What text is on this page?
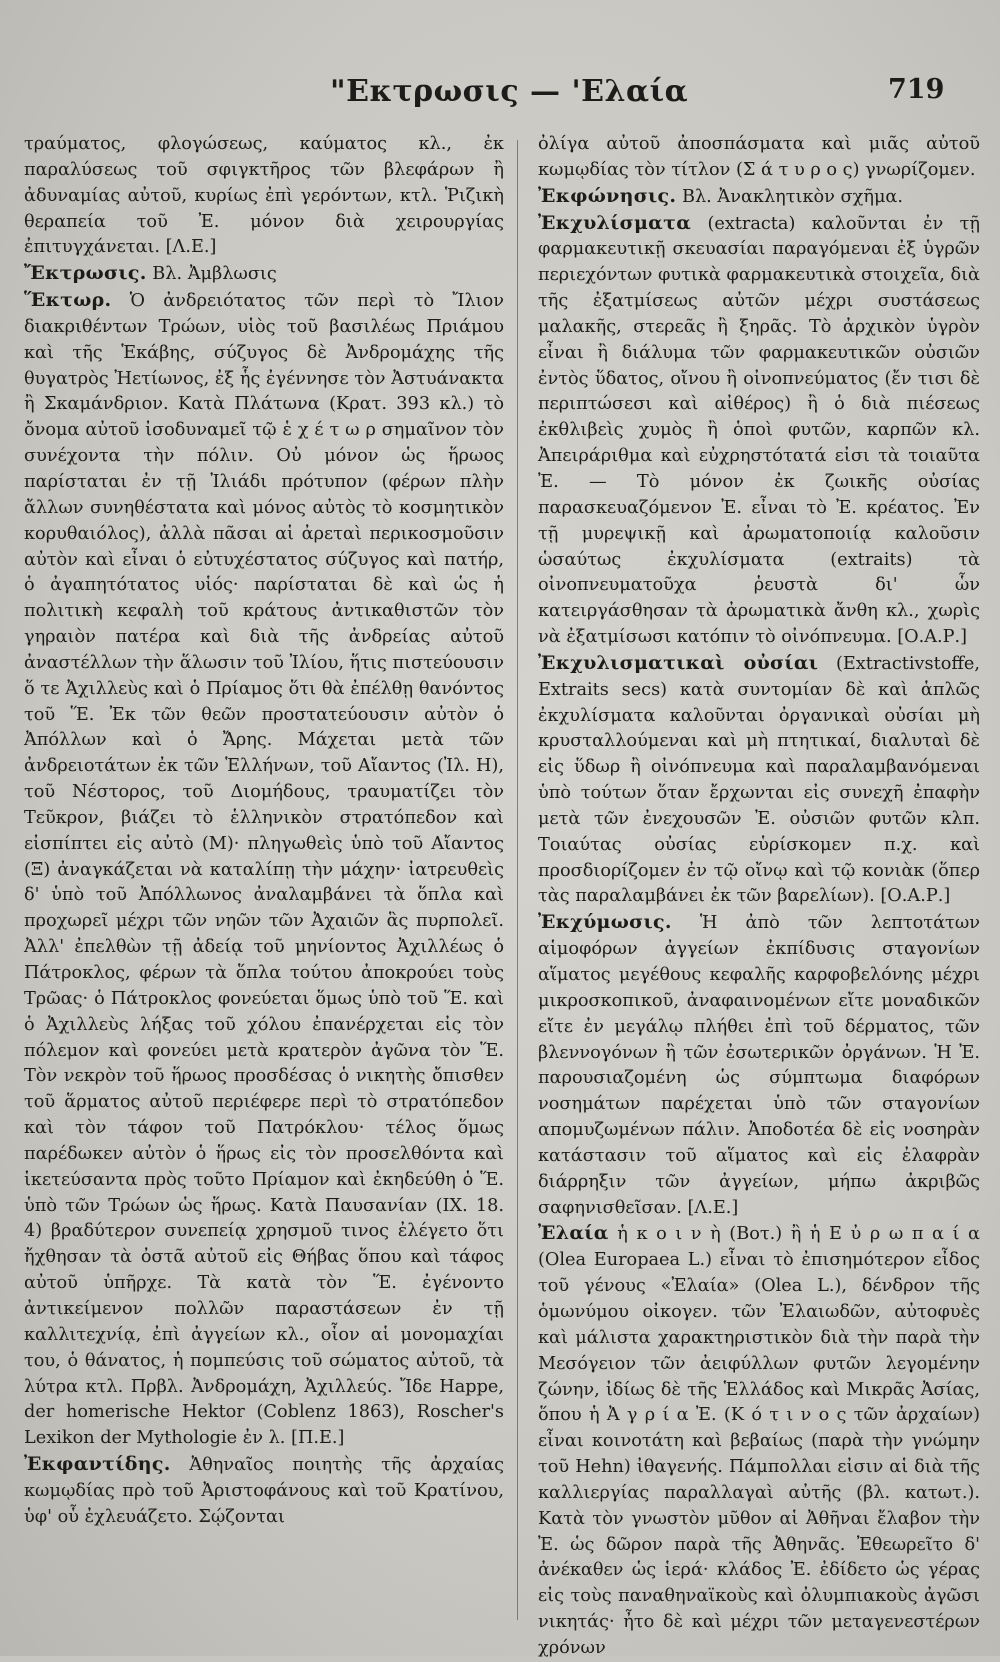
"Εκτρωσις — 'Ελαία	719

τραύματος, φλογώσεως, καύματος κλ., ἐκ παραλύσεως τοῦ σφιγκτῆρος τῶν βλεφάρων ἢ ἀδυναμίας αὐτοῦ, κυρίως ἐπὶ γερόντων, κτλ. Ῥιζικὴ θεραπεία τοῦ Ἐ. μόνον διὰ χειρουργίας ἐπιτυγχάνεται. [Λ.Ε.]

Ἔκτρωσις. Βλ. Ἀμβλωσις

Ἕκτωρ. Ὁ ἀνδρειότατος τῶν περὶ τὸ Ἴλιον διακριθέντων Τρώων, υἱὸς τοῦ βασιλέως Πριάμου καὶ τῆς Ἑκάβης, σύζυγος δὲ Ἀνδρομάχης τῆς θυγατρὸς Ἠετίωνος, ἐξ ἧς ἐγέννησε τὸν Ἀστυάνακτα ἢ Σκαμάνδριον. Κατὰ Πλάτωνα (Κρατ. 393 κλ.) τὸ ὄνομα αὐτοῦ ἰσοδυναμεῖ τῷ ἑ χ έ τ ω ρ σημαῖνον τὸν συνέχοντα τὴν πόλιν. Οὐ μόνον ὡς ἥρωος παρίσταται ἐν τῇ Ἰλιάδι πρότυπον (φέρων πλὴν ἄλλων συνηθέστατα καὶ μόνος αὐτὸς τὸ κοσμητικὸν κορυθαιόλος), ἀλλὰ πᾶσαι αἱ ἀρεταὶ περικοσμοῦσιν αὐτὸν καὶ εἶναι ὁ εὐτυχέστατος σύζυγος καὶ πατήρ, ὁ ἀγαπητότατος υἱός· παρίσταται δὲ καὶ ὡς ἡ πολιτικὴ κεφαλὴ τοῦ κράτους ἀντικαθιστῶν τὸν γηραιὸν πατέρα καὶ διὰ τῆς ἀνδρείας αὐτοῦ ἀναστέλλων τὴν ἅλωσιν τοῦ Ἰλίου, ἥτις πιστεύουσιν ὅ τε Ἀχιλλεὺς καὶ ὁ Πρίαμος ὅτι θὰ ἐπέλθῃ θανόντος τοῦ Ἕ. Ἐκ τῶν θεῶν προστατεύουσιν αὐτὸν ὁ Ἀπόλλων καὶ ὁ Ἄρης. Μάχεται μετὰ τῶν ἀνδρειοτάτων ἐκ τῶν Ἑλλήνων, τοῦ Αἴαντος (Ἰλ. Η), τοῦ Νέστορος, τοῦ Διομήδους, τραυματίζει τὸν Τεῦκρον, βιάζει τὸ ἑλληνικὸν στρατόπεδον καὶ εἰσπίπτει εἰς αὐτὸ (Μ)· πληγωθεὶς ὑπὸ τοῦ Αἴαντος (Ξ) ἀναγκάζεται νὰ καταλίπῃ τὴν μάχην· ἰατρευθεὶς δ' ὑπὸ τοῦ Ἀπόλλωνος ἀναλαμβάνει τὰ ὅπλα καὶ προχωρεῖ μέχρι τῶν νηῶν τῶν Ἀχαιῶν ἃς πυρπολεῖ. Ἀλλ' ἐπελθὼν τῇ ἀδείᾳ τοῦ μηνίοντος Ἀχιλλέως ὁ Πάτροκλος, φέρων τὰ ὅπλα τούτου ἀποκρούει τοὺς Τρῶας· ὁ Πάτροκλος φονεύεται ὅμως ὑπὸ τοῦ Ἕ. καὶ ὁ Ἀχιλλεὺς λήξας τοῦ χόλου ἐπανέρχεται εἰς τὸν πόλεμον καὶ φονεύει μετὰ κρατερὸν ἀγῶνα τὸν Ἕ. Τὸν νεκρὸν τοῦ ἥρωος προσδέσας ὁ νικητὴς ὄπισθεν τοῦ ἅρματος αὐτοῦ περιέφερε περὶ τὸ στρατόπεδον καὶ τὸν τάφον τοῦ Πατρόκλου· τέλος ὅμως παρέδωκεν αὐτὸν ὁ ἥρως εἰς τὸν προσελθόντα καὶ ἱκετεύσαντα πρὸς τοῦτο Πρίαμον καὶ ἐκηδεύθη ὁ Ἕ. ὑπὸ τῶν Τρώων ὡς ἥρως. Κατὰ Παυσανίαν (IX. 18. 4) βραδύτερον συνεπείᾳ χρησμοῦ τινος ἐλέγετο ὅτι ἤχθησαν τὰ ὀστᾶ αὐτοῦ εἰς Θήβας ὅπου καὶ τάφος αὐτοῦ ὑπῆρχε. Τὰ κατὰ τὸν Ἕ. ἐγένοντο ἀντικείμενον πολλῶν παραστάσεων ἐν τῇ καλλιτεχνίᾳ, ἐπὶ ἀγγείων κλ., οἷον αἱ μονομαχίαι του, ὁ θάνατος, ἡ πομπεύσις τοῦ σώματος αὐτοῦ, τὰ λύτρα κτλ. Πρβλ. Ἀνδρομάχη, Ἀχιλλεύς. Ἴδε Happe, der homerische Hektor (Coblenz 1863), Roscher's Lexikon der Mythologie ἐν λ. [Π.Ε.]

Ἐκφαντίδης. Ἀθηναῖος ποιητὴς τῆς ἀρχαίας κωμῳδίας πρὸ τοῦ Ἀριστοφάνους καὶ τοῦ Κρατίνου, ὑφ' οὗ ἐχλευάζετο. Σῴζονται

ὀλίγα αὐτοῦ ἀποσπάσματα καὶ μιᾶς αὐτοῦ κωμῳδίας τὸν τίτλον (Σ ά τ υ ρ ο ς) γνωρίζομεν.

Ἐκφώνησις. Βλ. Ἀνακλητικὸν σχῆμα.

Ἐκχυλίσματα (extracta) καλοῦνται ἐν τῇ φαρμακευτικῇ σκευασίαι παραγόμεναι ἐξ ὑγρῶν περιεχόντων φυτικὰ φαρμακευτικὰ στοιχεῖα, διὰ τῆς ἐξατμίσεως αὐτῶν μέχρι συστάσεως μαλακῆς, στερεᾶς ἢ ξηρᾶς. Τὸ ἀρχικὸν ὑγρὸν εἶναι ἢ διάλυμα τῶν φαρμακευτικῶν οὐσιῶν ἐντὸς ὕδατος, οἴνου ἢ οἰνοπνεύματος (ἔν τισι δὲ περιπτώσεσι καὶ αἰθέρος) ἢ ὁ διὰ πιέσεως ἐκθλιβεὶς χυμὸς ἢ ὁποὶ φυτῶν, καρπῶν κλ. Ἀπειράριθμα καὶ εὐχρηστότατά εἰσι τὰ τοιαῦτα Ἐ. — Τὸ μόνον ἐκ ζωικῆς οὐσίας παρασκευαζόμενον Ἐ. εἶναι τὸ Ἐ. κρέατος. Ἐν τῇ μυρεψικῇ καὶ ἀρωματοποιίᾳ καλοῦσιν ὡσαύτως ἐκχυλίσματα (extraits) τὰ οἰνοπνευματοῦχα ῥευστὰ δι' ὧν κατειργάσθησαν τὰ ἀρωματικὰ ἄνθη κλ., χωρὶς νὰ ἐξατμίσωσι κατόπιν τὸ οἰνόπνευμα. [Ο.Α.Ρ.]

Ἐκχυλισματικαὶ οὐσίαι (Extractivstoffe, Extraits secs) κατὰ συντομίαν δὲ καὶ ἁπλῶς ἐκχυλίσματα καλοῦνται ὀργανικαὶ οὐσίαι μὴ κρυσταλλούμεναι καὶ μὴ πτητικαί, διαλυταὶ δὲ εἰς ὕδωρ ἢ οἰνόπνευμα καὶ παραλαμβανόμεναι ὑπὸ τούτων ὅταν ἔρχωνται εἰς συνεχῆ ἐπαφὴν μετὰ τῶν ἐνεχουσῶν Ἐ. οὐσιῶν φυτῶν κλπ. Τοιαύτας οὐσίας εὑρίσκομεν π.χ. καὶ προσδιορίζομεν ἐν τῷ οἴνῳ καὶ τῷ κονιὰκ (ὅπερ τὰς παραλαμβάνει ἐκ τῶν βαρελίων). [Ο.Α.Ρ.]

Ἐκχύμωσις. Ἡ ἀπὸ τῶν λεπτοτάτων αἱμοφόρων ἀγγείων ἐκπίδυσις σταγονίων αἵματος μεγέθους κεφαλῆς καρφοβελόνης μέχρι μικροσκοπικοῦ, ἀναφαινομένων εἴτε μοναδικῶν εἴτε ἐν μεγάλῳ πλήθει ἐπὶ τοῦ δέρματος, τῶν βλεννογόνων ἢ τῶν ἐσωτερικῶν ὀργάνων. Ἡ Ἐ. παρουσιαζομένη ὡς σύμπτωμα διαφόρων νοσημάτων παρέχεται ὑπὸ τῶν σταγονίων απομυζωμένων πάλιν. Ἀποδοτέα δὲ εἰς νοσηρὰν κατάστασιν τοῦ αἵματος καὶ εἰς ἐλαφρὰν διάρρηξιν τῶν ἀγγείων, μήπω ἀκριβῶς σαφηνισθεῖσαν. [Λ.Ε.]

Ἐλαία ἡ κ ο ι ν ὴ (Βοτ.) ἢ ἡ Ε ὐ ρ ω π α ί α (Olea Europaea L.) εἶναι τὸ ἐπισημότερον εἶδος τοῦ γένους «Ἐλαία» (Olea L.), δένδρον τῆς ὁμωνύμου οἰκογεν. τῶν Ἐλαιωδῶν, αὐτοφυὲς καὶ μάλιστα χαρακτηριστικὸν διὰ τὴν παρὰ τὴν Μεσόγειον τῶν ἀειφύλλων φυτῶν λεγομένην ζώνην, ἰδίως δὲ τῆς Ἑλλάδος καὶ Μικρᾶς Ἀσίας, ὅπου ἡ Ἀ γ ρ ί α Ἐ. (Κ ό τ ι ν ο ς τῶν ἀρχαίων) εἶναι κοινοτάτη καὶ βεβαίως (παρὰ τὴν γνώμην τοῦ Hehn) ἰθαγενής. Πάμπολλαι εἰσιν αἱ διὰ τῆς καλλιεργίας παραλλαγαὶ αὐτῆς (βλ. κατωτ.). Κατὰ τὸν γνωστὸν μῦθον αἱ Ἀθῆναι ἔλαβον τὴν Ἐ. ὡς δῶρον παρὰ τῆς Ἀθηνᾶς. Ἐθεωρεῖτο δ' ἀνέκαθεν ὡς ἱερά· κλάδος Ἐ. ἐδίδετο ὡς γέρας εἰς τοὺς παναθηναϊκοὺς καὶ ὀλυμπιακοὺς ἀγῶσι νικητάς· ἦτο δὲ καὶ μέχρι τῶν μεταγενεστέρων χρόνων
